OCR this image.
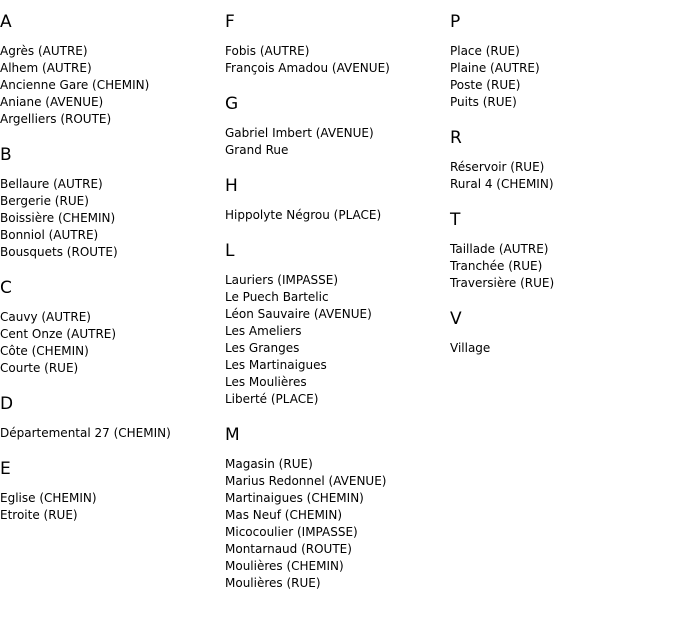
A
Agrès (AUTRE)
Alhem (AUTRE)
Ancienne Gare (CHEMIN)
Aniane (AVENUE)
Argelliers (ROUTE)
B
Bellaure (AUTRE)
Bergerie (RUE)
Boissière (CHEMIN)
Bonniol (AUTRE)
Bousquets (ROUTE)
C
Cauvy (AUTRE)
Cent Onze (AUTRE)
Côte (CHEMIN)
Courte (RUE)
D
Départemental 27 (CHEMIN)
E
Eglise (CHEMIN)
Etroite (RUE)
F
Fobis (AUTRE)
François Amadou (AVENUE)
G
Gabriel Imbert (AVENUE)
Grand Rue
H
Hippolyte Négrou (PLACE)
L
Lauriers (IMPASSE)
Le Puech Bartelic
Léon Sauvaire (AVENUE)
Les Ameliers
Les Granges
Les Martinaigues
Les Moulières
Liberté (PLACE)
M
Magasin (RUE)
Marius Redonnel (AVENUE)
Martinaigues (CHEMIN)
Mas Neuf (CHEMIN)
Micocoulier (IMPASSE)
Montarnaud (ROUTE)
Moulières (CHEMIN)
Moulières (RUE)
P
Place (RUE)
Plaine (AUTRE)
Poste (RUE)
Puits (RUE)
R
Réservoir (RUE)
Rural 4 (CHEMIN)
T
Taillade (AUTRE)
Tranchée (RUE)
Traversière (RUE)
V
Village
